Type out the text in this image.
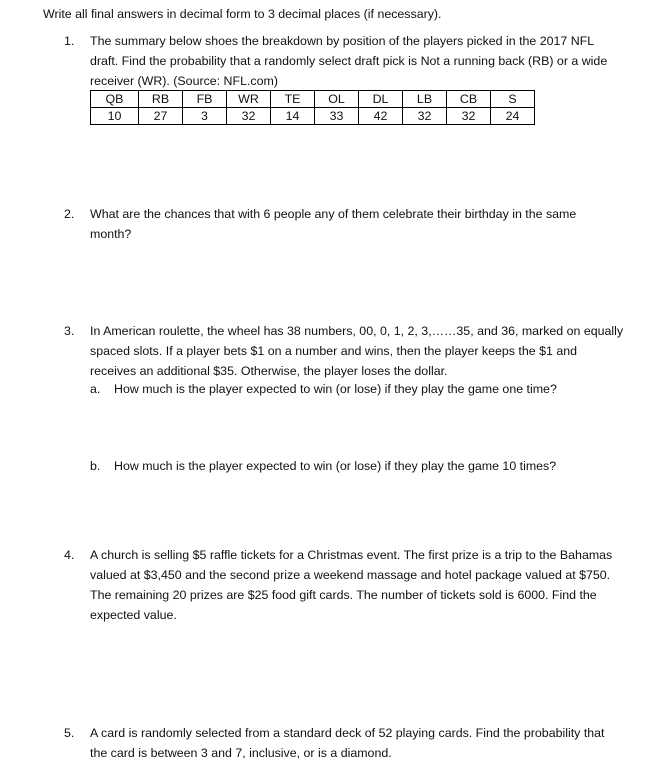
Write all final answers in decimal form to 3 decimal places (if necessary).
1.	The summary below shoes the breakdown by position of the players picked in the 2017 NFL
draft. Find the probability that a randomly select draft pick is Not a running back (RB) or a wide
receiver (WR). (Source: NFL.com)
QB	RB	FB	WR	TE	OL	DL	LB	CB	S
10	27	3	32	14	33	42	32	32	24
2.	What are the chances that with 6 people any of them celebrate their birthday in the same
month?
3.	In American roulette, the wheel has 38 numbers, 00, 0, 1, 2, 3,……35, and 36, marked on equally
spaced slots. If a player bets $1 on a number and wins, then the player keeps the $1 and
receives an additional $35. Otherwise, the player loses the dollar.
a. How much is the player expected to win (or lose) if they play the game one time?
b. How much is the player expected to win (or lose) if they play the game 10 times?
4.	A church is selling $5 raffle tickets for a Christmas event. The first prize is a trip to the Bahamas
valued at $3,450 and the second prize a weekend massage and hotel package valued at $750.
The remaining 20 prizes are $25 food gift cards. The number of tickets sold is 6000. Find the
expected value.
5.	A card is randomly selected from a standard deck of 52 playing cards. Find the probability that
the card is between 3 and 7, inclusive, or is a diamond.
